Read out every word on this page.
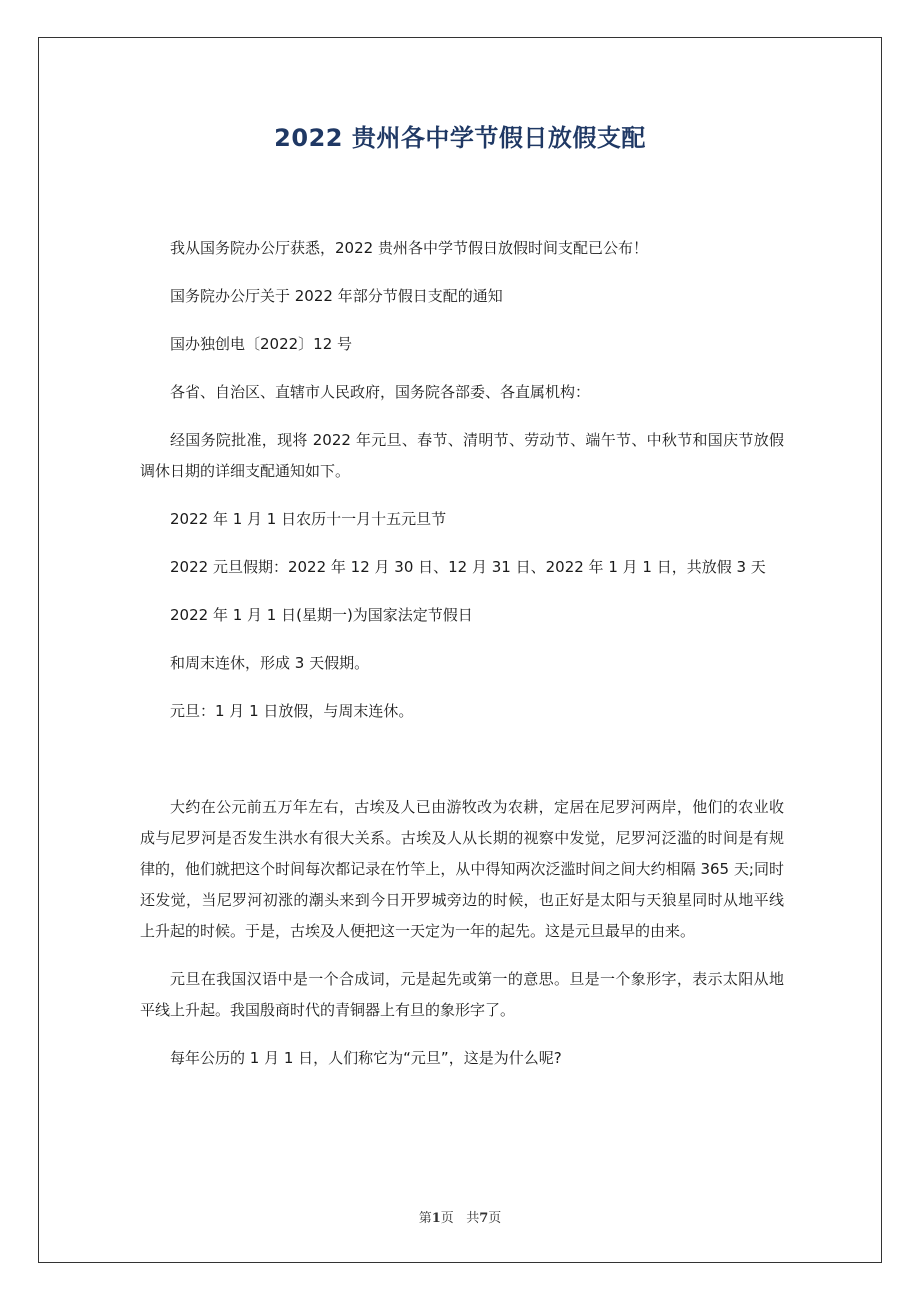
2022 贵州各中学节假日放假支配

我从国务院办公厅获悉，2022 贵州各中学节假日放假时间支配已公布！

国务院办公厅关于 2022 年部分节假日支配的通知

国办独创电〔2022〕12 号

各省、自治区、直辖市人民政府，国务院各部委、各直属机构：

经国务院批准，现将 2022 年元旦、春节、清明节、劳动节、端午节、中秋节和国庆节放假调休日期的详细支配通知如下。

2022 年 1 月 1 日农历十一月十五元旦节

2022 元旦假期：2022 年 12 月 30 日、12 月 31 日、2022 年 1 月 1 日，共放假 3 天

2022 年 1 月 1 日(星期一)为国家法定节假日

和周末连休，形成 3 天假期。

元旦：1 月 1 日放假，与周末连休。

大约在公元前五万年左右，古埃及人已由游牧改为农耕，定居在尼罗河两岸，他们的农业收成与尼罗河是否发生洪水有很大关系。古埃及人从长期的视察中发觉，尼罗河泛滥的时间是有规律的，他们就把这个时间每次都记录在竹竿上，从中得知两次泛滥时间之间大约相隔 365 天;同时还发觉，当尼罗河初涨的潮头来到今日开罗城旁边的时候，也正好是太阳与天狼星同时从地平线上升起的时候。于是，古埃及人便把这一天定为一年的起先。这是元旦最早的由来。

元旦在我国汉语中是一个合成词，元是起先或第一的意思。旦是一个象形字，表示太阳从地平线上升起。我国殷商时代的青铜器上有旦的象形字了。

每年公历的 1 月 1 日，人们称它为“元旦”，这是为什么呢?

第1页   共7页
